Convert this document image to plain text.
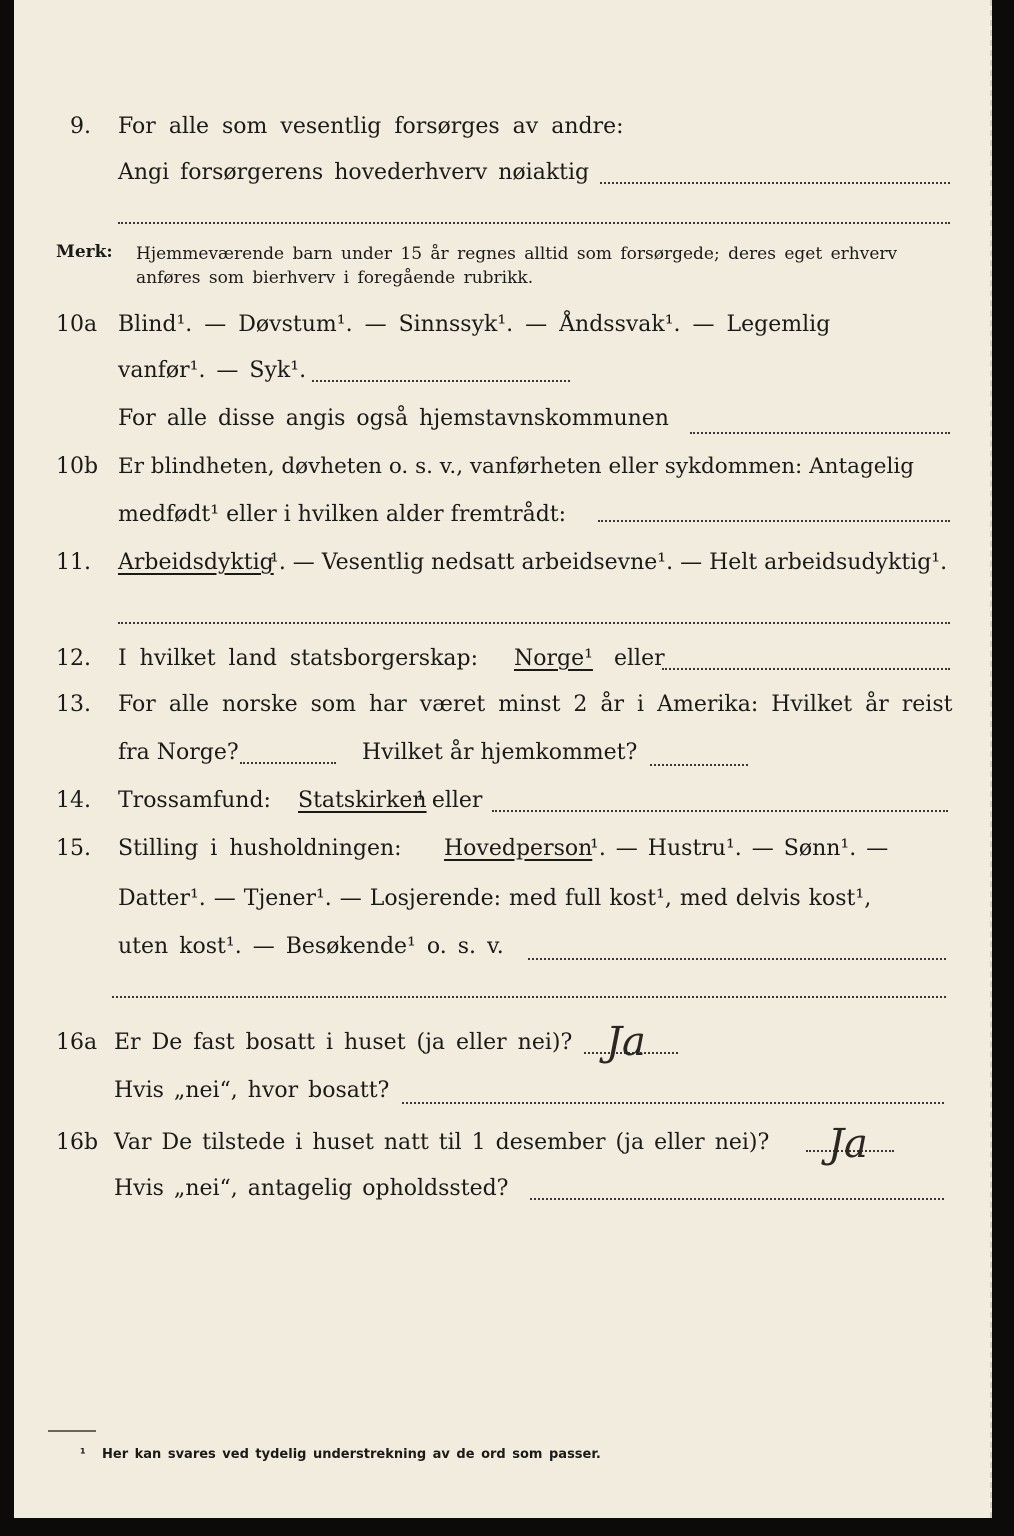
9. For alle som vesentlig forsørges av andre:
Angi forsørgerens hovederhverv nøiaktig
Merk: Hjemmeværende barn under 15 år regnes alltid som forsørgede; deres eget erhverv
anføres som bierhverv i foregående rubrikk.
10a Blind¹. — Døvstum¹. — Sinnssyk¹. — Åndssvak¹. — Legemlig
vanfør¹. — Syk¹.
For alle disse angis også hjemstavnskommunen
10b Er blindheten, døvheten o. s. v., vanførheten eller sykdommen: Antagelig
medfødt¹ eller i hvilken alder fremtrådt:
11. Arbeidsdyktig
¹. — Vesentlig nedsatt arbeidsevne¹. — Helt arbeidsudyktig¹.
12. I hvilket land statsborgerskap: Norge¹ eller
13. For alle norske som har været minst 2 år i Amerika: Hvilket år reist
fra Norge?	Hvilket år hjemkommet?
14. Trossamfund: Statskirken
¹ eller
15. Stilling i husholdningen: Hovedperson
¹. — Hustru¹. — Sønn¹. —
Datter¹. — Tjener¹. — Losjerende: med full kost¹, med delvis kost¹,
uten kost¹. — Besøkende¹ o. s. v.
16a Er De fast bosatt i huset (ja eller nei)? Ja
Hvis „nei“, hvor bosatt?
16b Var De tilstede i huset natt til 1 desember (ja eller nei)? Ja
Hvis „nei“, antagelig opholdssted?
¹ Her kan svares ved tydelig understrekning av de ord som passer.
